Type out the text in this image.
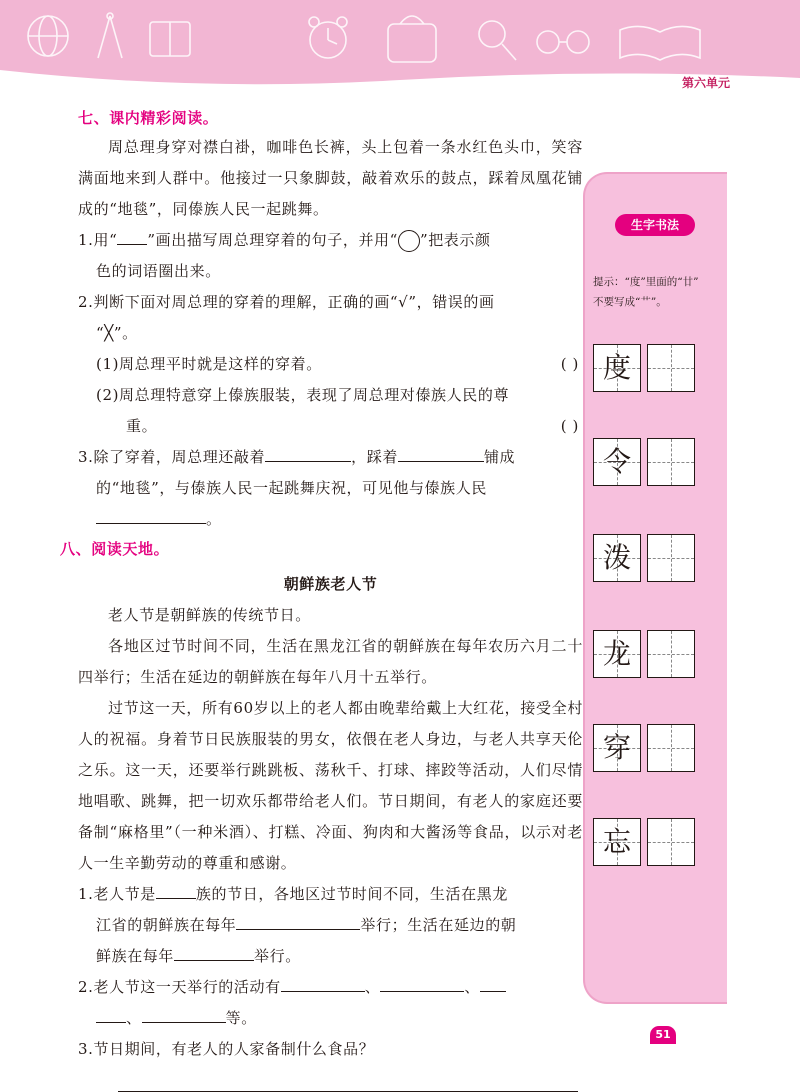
第六单元

七、课内精彩阅读。

周总理身穿对襟白褂，咖啡色长裤，头上包着一条水红色头巾，笑容满面地来到人群中。他接过一只象脚鼓，敲着欢乐的鼓点，踩着凤凰花铺成的“地毯”，同傣族人民一起跳舞。

1.用“ ”画出描写周总理穿着的句子，并用“ ”把表示颜

色的词语圈出来。

2.判断下面对周总理的穿着的理解，正确的画“√”，错误的画

“╳”。

(1)周总理平时就是这样的穿着。	( )

(2)周总理特意穿上傣族服装，表现了周总理对傣族人民的尊

重。	( )

3.除了穿着，周总理还敲着	，踩着	铺成

的“地毯”，与傣族人民一起跳舞庆祝，可见他与傣族人民

。

八、阅读天地。

朝鲜族老人节

老人节是朝鲜族的传统节日。

各地区过节时间不同，生活在黑龙江省的朝鲜族在每年农历六月二十四举行；生活在延边的朝鲜族在每年八月十五举行。

过节这一天，所有60岁以上的老人都由晚辈给戴上大红花，接受全村人的祝福。身着节日民族服装的男女，依偎在老人身边，与老人共享天伦之乐。这一天，还要举行跳跳板、荡秋千、打球、摔跤等活动，人们尽情地唱歌、跳舞，把一切欢乐都带给老人们。节日期间，有老人的家庭还要备制“麻格里”（一种米酒）、打糕、冷面、狗肉和大酱汤等食品，以示对老人一生辛勤劳动的尊重和感谢。

1.老人节是	族的节日，各地区过节时间不同，生活在黑龙

江省的朝鲜族在每年	举行；生活在延边的朝

鲜族在每年	举行。

2.老人节这一天举行的活动有	、	、

、	等。

3.节日期间，有老人的人家备制什么食品？

生字书法
提示：“度”里面的“廿”
不要写成“艹”。
度
令
泼
龙
穿
忘
51
